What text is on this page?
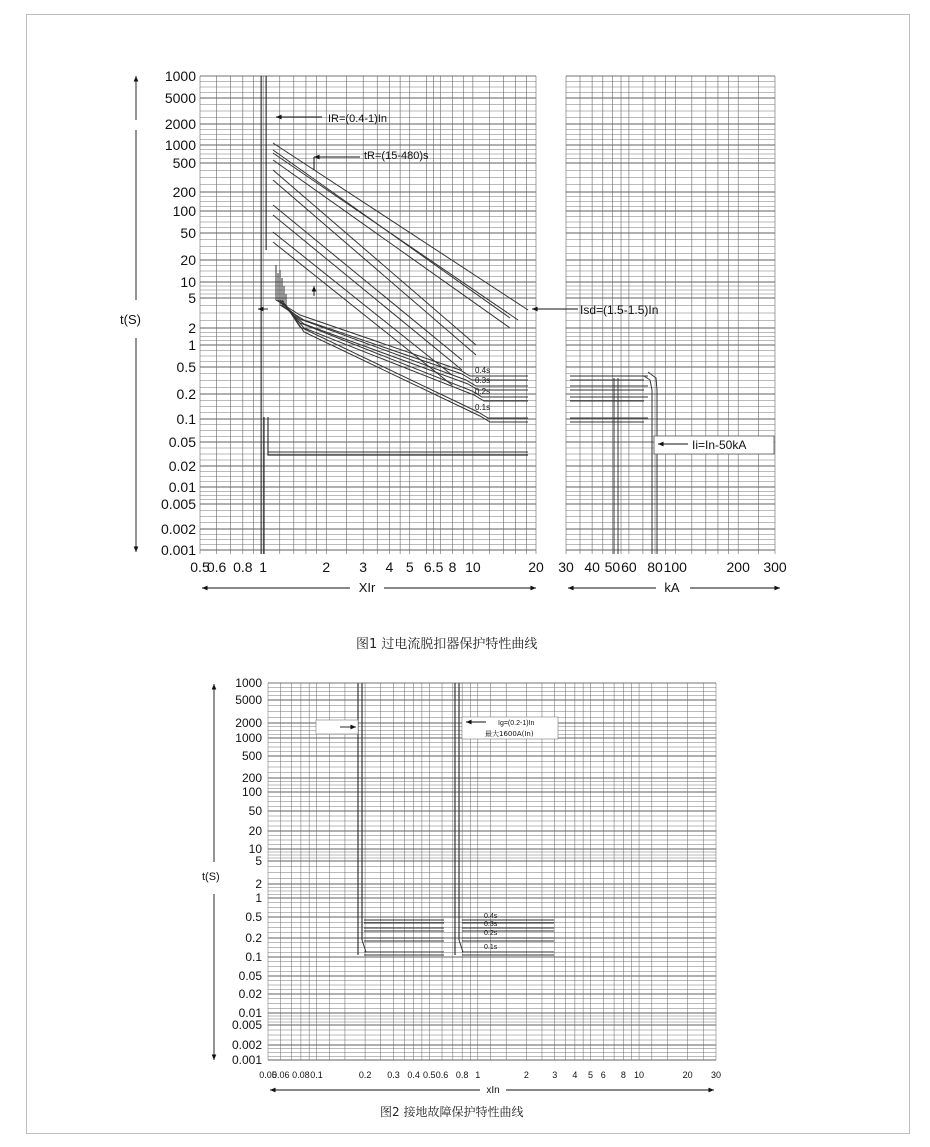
1000
5000
2000
1000
500
200
100
50
20
10
5
2
1
0.5
0.2
0.1
0.05
0.02
0.01
0.005
0.002
0.001
0.5
0.6 0.8 1	2 3 4 5 6.5 8 10	20 30 40 50 60 80 100	200 300
t(S)
XIr	kA
IR=(0.4-1)In
tR=(15-480)s
Isd=(1.5-1.5)In
Ii=In-50kA
0.4s
0.3s
0.2s
0.1s
1000
5000
2000
1000
500
200
100
50
20
10
5
2
1
0.5
0.2
0.1
0.05
0.02
0.01
0.005
0.002
0.001
0.05
0.06 0.08 0.1	0.2 0.3 0.4 0.5 0.6 0.8 1	2	3 4 5 6 8 10	20 30
t(S)
xIn
Ig=(0.2-1)In
最大1600A(In)
0.4s
0.3s
0.2s
0.1s
图1 过电流脱扣器保护特性曲线
图2 接地故障保护特性曲线
